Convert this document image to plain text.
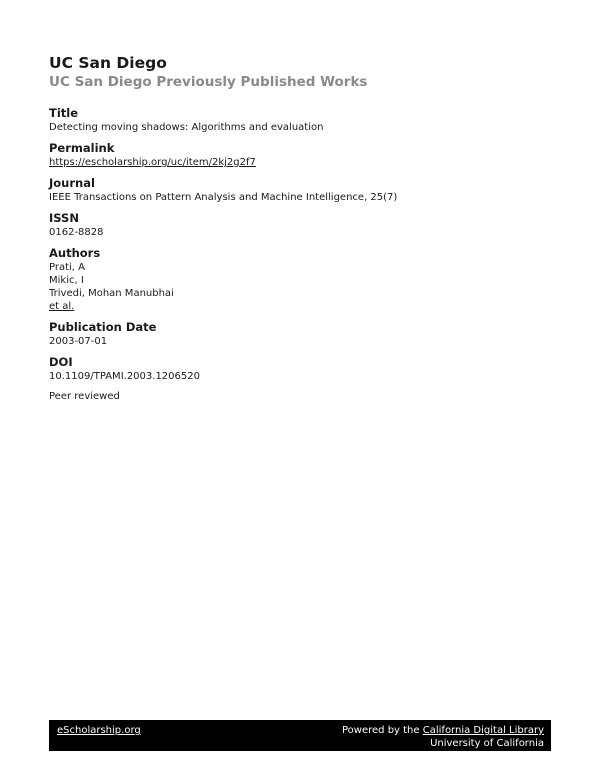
UC San Diego
UC San Diego Previously Published Works
Title
Detecting moving shadows: Algorithms and evaluation
Permalink
https://escholarship.org/uc/item/2kj2g2f7
Journal
IEEE Transactions on Pattern Analysis and Machine Intelligence, 25(7)
ISSN
0162-8828
Authors
Prati, A
Mikic, I
Trivedi, Mohan Manubhai
et al.
Publication Date
2003-07-01
DOI
10.1109/TPAMI.2003.1206520
Peer reviewed
eScholarship.org	Powered by the California Digital Library
University of California
